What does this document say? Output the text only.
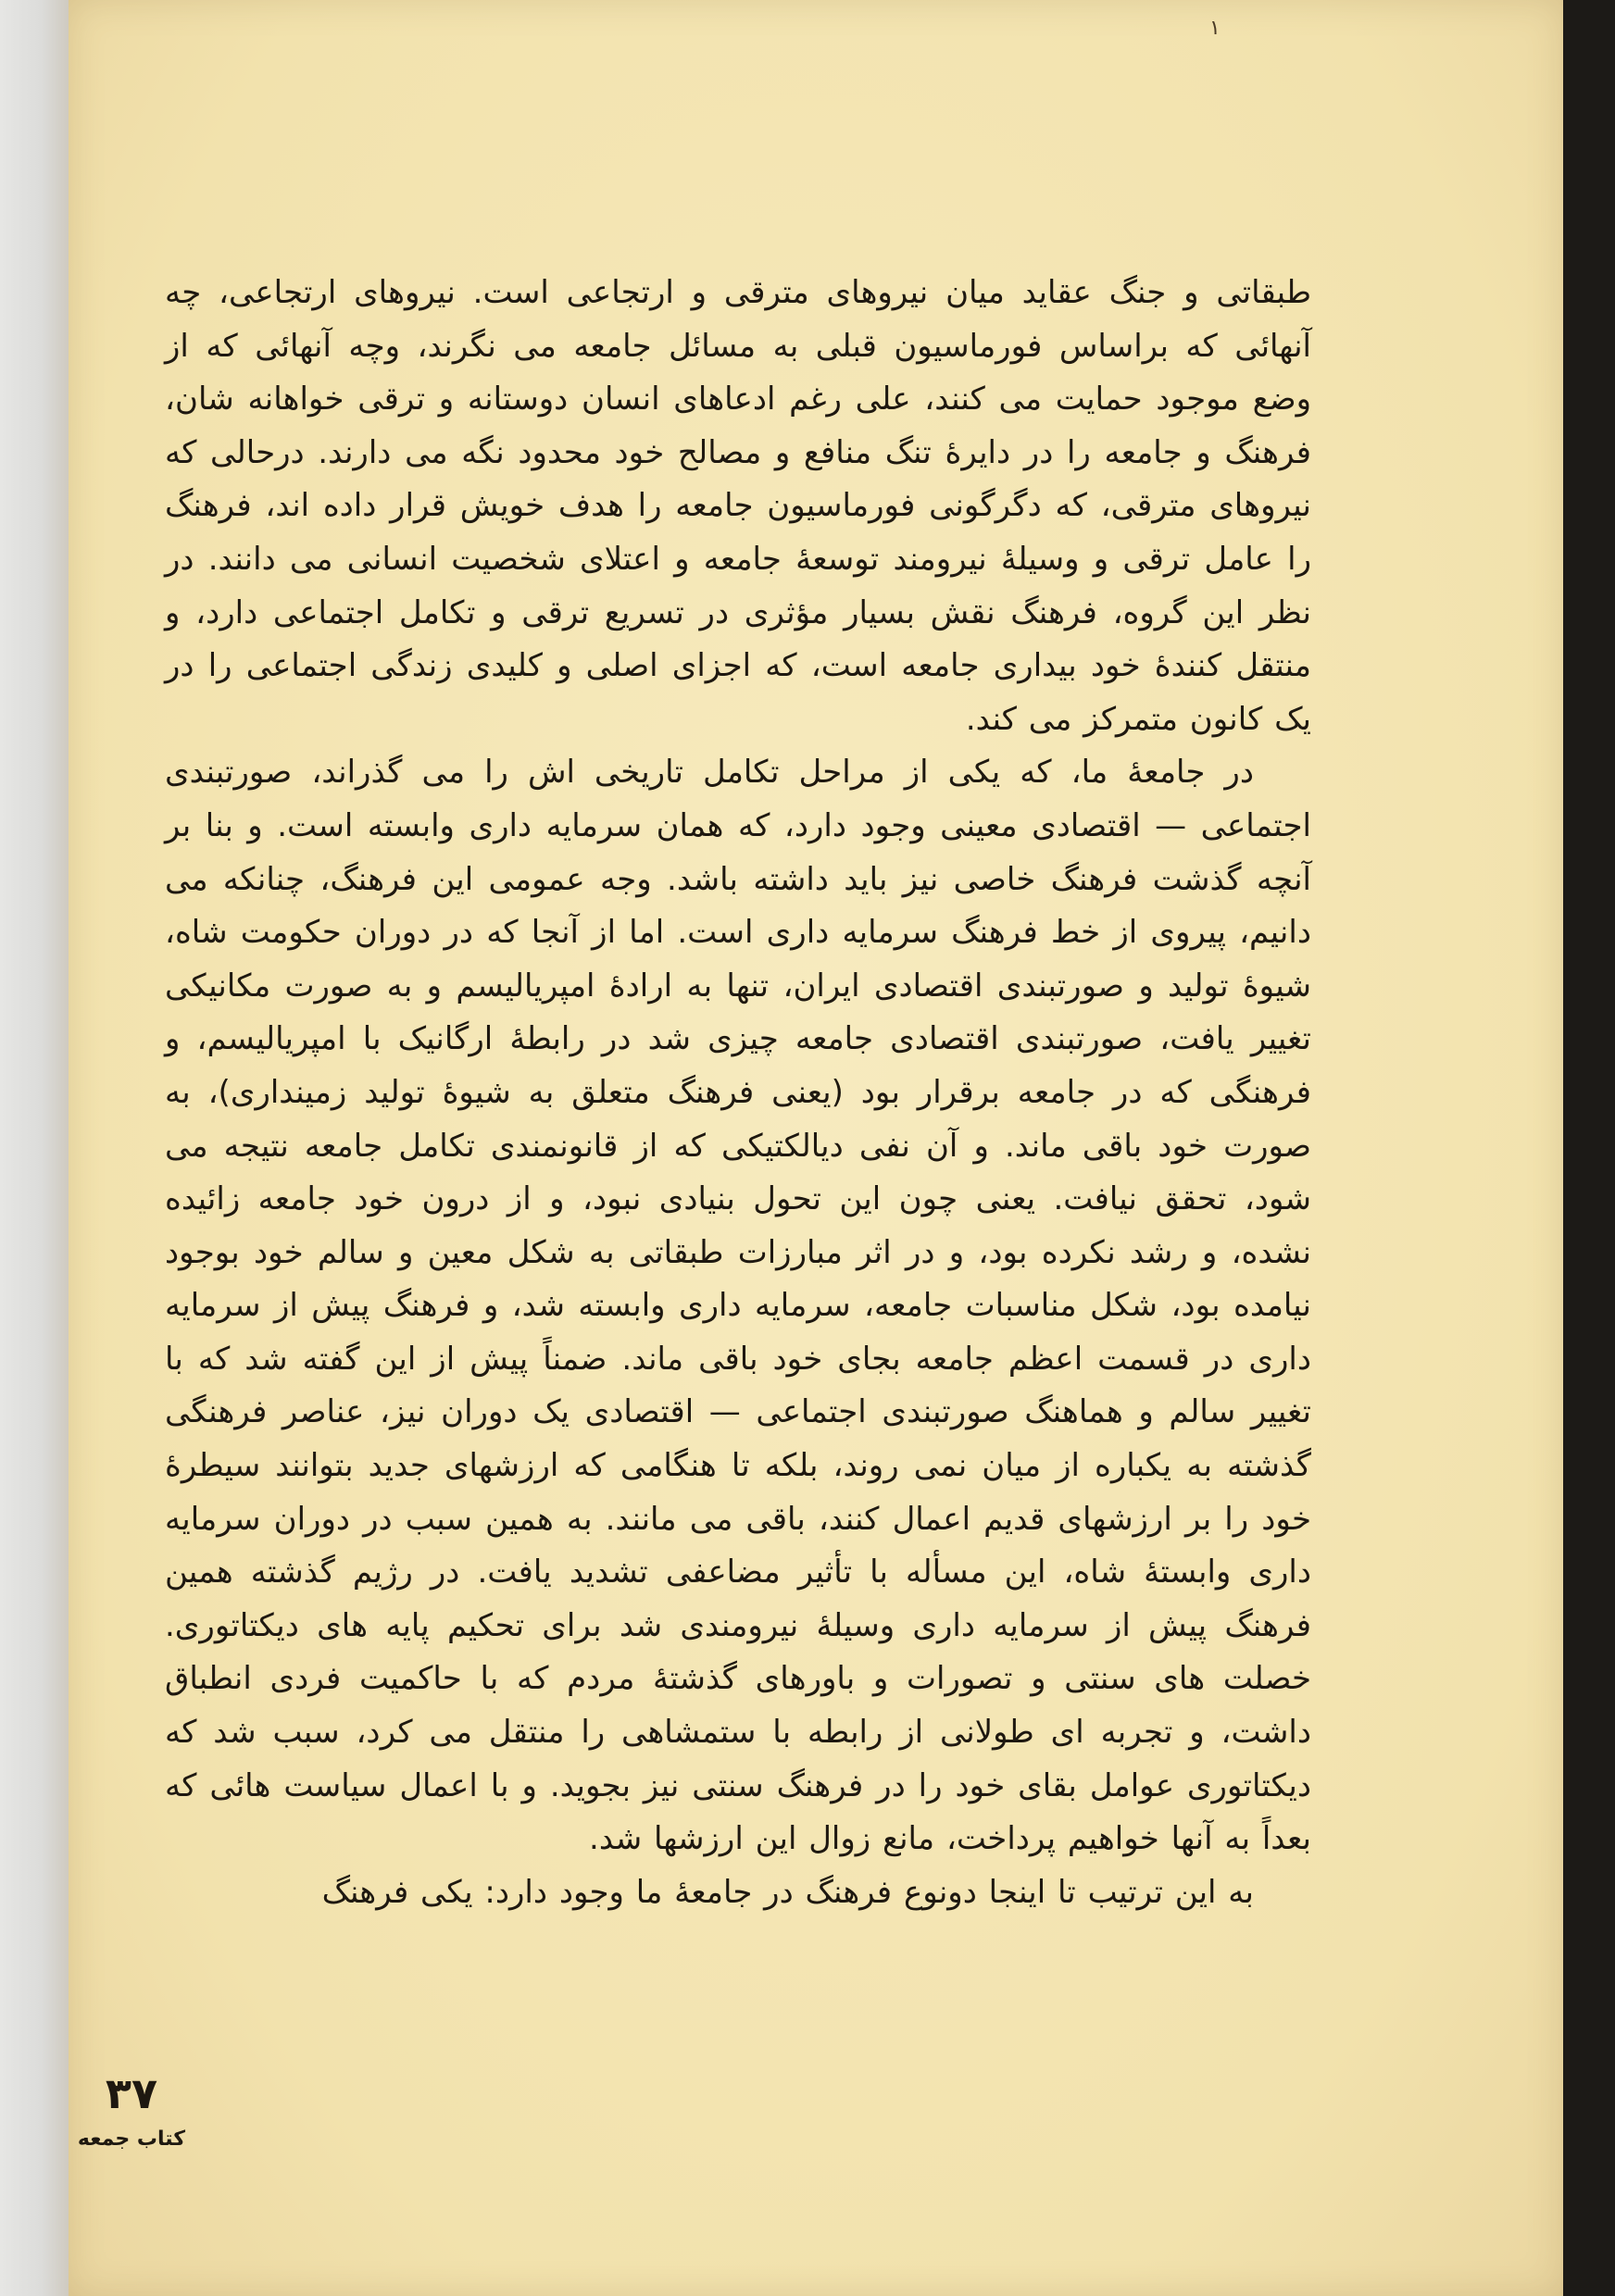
۱

طبقاتی و جنگ عقاید میان نیروهای مترقی و ارتجاعی است. نیروهای ارتجاعی، چه آنهائی که براساس فورماسیون قبلی به مسائل جامعه می نگرند، وچه آنهائی که از وضع موجود حمایت می کنند، علی رغم ادعاهای انسان دوستانه و ترقی خواهانه شان، فرهنگ و جامعه را در دایرهٔ تنگ منافع و مصالح خود محدود نگه می دارند. درحالی که نیروهای مترقی، که دگرگونی فورماسیون جامعه را هدف خویش قرار داده اند، فرهنگ را عامل ترقی و وسیلهٔ نیرومند توسعهٔ جامعه و اعتلای شخصیت انسانی می دانند. در نظر این گروه، فرهنگ نقش بسیار مؤثری در تسریع ترقی و تکامل اجتماعی دارد، و منتقل کنندهٔ خود بیداری جامعه است، که اجزای اصلی و کلیدی زندگی اجتماعی را در یک کانون متمرکز می کند.

در جامعهٔ ما، که یکی از مراحل تکامل تاریخی اش را می گذراند، صورتبندی اجتماعی — اقتصادی معینی وجود دارد، که همان سرمایه داری وابسته است. و بنا بر آنچه گذشت فرهنگ خاصی نیز باید داشته باشد. وجه عمومی این فرهنگ، چنانکه می دانیم، پیروی از خط فرهنگ سرمایه داری است. اما از آنجا که در دوران حکومت شاه، شیوهٔ تولید و صورتبندی اقتصادی ایران، تنها به ارادهٔ امپریالیسم و به صورت مکانیکی تغییر یافت، صورتبندی اقتصادی جامعه چیزی شد در رابطهٔ ارگانیک با امپریالیسم، و فرهنگی که در جامعه برقرار بود (یعنی فرهنگ متعلق به شیوهٔ تولید زمینداری)، به صورت خود باقی ماند. و آن نفی دیالکتیکی که از قانونمندی تکامل جامعه نتیجه می شود، تحقق نیافت. یعنی چون این تحول بنیادی نبود، و از درون خود جامعه زائیده نشده، و رشد نکرده بود، و در اثر مبارزات طبقاتی به شکل معین و سالم خود بوجود نیامده بود، شکل مناسبات جامعه، سرمایه داری وابسته شد، و فرهنگ پیش از سرمایه داری در قسمت اعظم جامعه بجای خود باقی ماند. ضمناً پیش از این گفته شد که با تغییر سالم و هماهنگ صورتبندی اجتماعی — اقتصادی یک دوران نیز، عناصر فرهنگی گذشته به یکباره از میان نمی روند، بلکه تا هنگامی که ارزشهای جدید بتوانند سیطرهٔ خود را بر ارزشهای قدیم اعمال کنند، باقی می مانند. به همین سبب در دوران سرمایه داری وابستهٔ شاه، این مسأله با تأثیر مضاعفی تشدید یافت. در رژیم گذشته همین فرهنگ پیش از سرمایه داری وسیلهٔ نیرومندی شد برای تحکیم پایه های دیکتاتوری. خصلت های سنتی و تصورات و باورهای گذشتهٔ مردم که با حاکمیت فردی انطباق داشت، و تجربه ای طولانی از رابطه با ستمشاهی را منتقل می کرد، سبب شد که دیکتاتوری عوامل بقای خود را در فرهنگ سنتی نیز بجوید. و با اعمال سیاست هائی که بعداً به آنها خواهیم پرداخت، مانع زوال این ارزشها شد.

به این ترتیب تا اینجا دونوع فرهنگ در جامعهٔ ما وجود دارد: یکی فرهنگ

۳۷
کتاب جمعه
